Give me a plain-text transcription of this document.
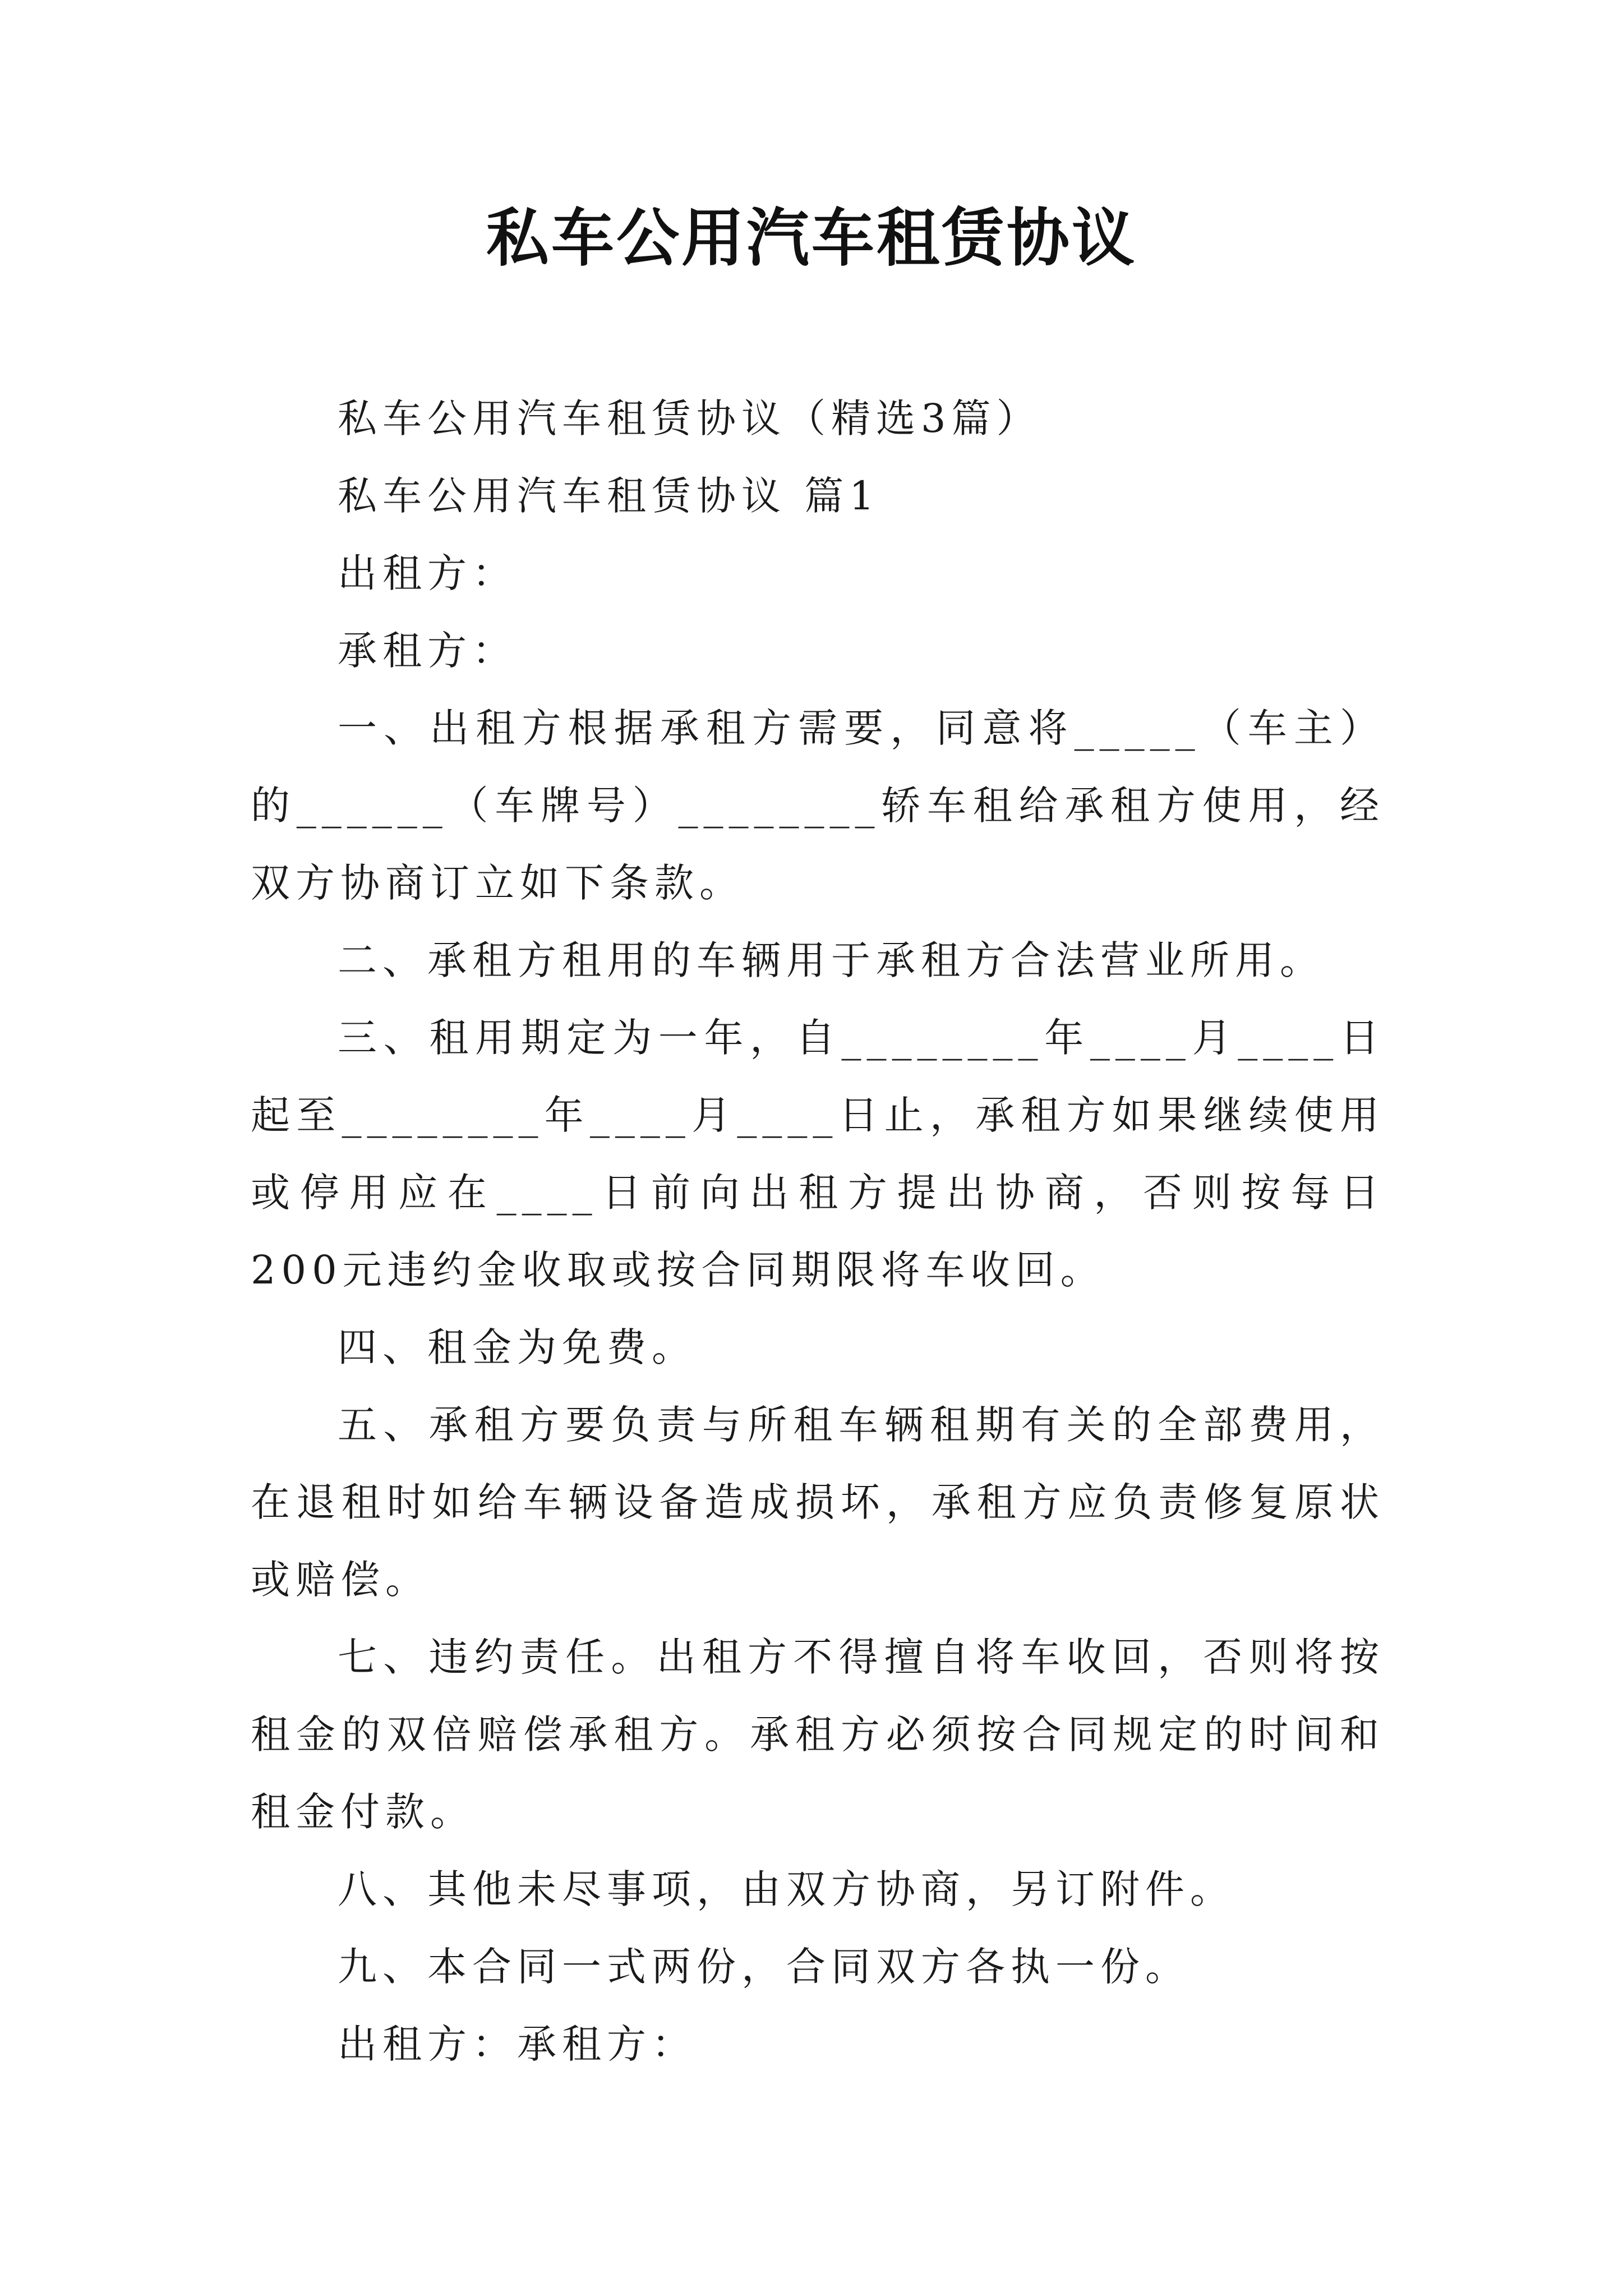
私车公用汽车租赁协议

私车公用汽车租赁协议（精选3篇）

私车公用汽车租赁协议 篇1

出租方：

承租方：

一、出租方根据承租方需要，同意将_____（车主）的______（车牌号）________轿车租给承租方使用，经双方协商订立如下条款。

二、承租方租用的车辆用于承租方合法营业所用。

三、租用期定为一年，自________年____月____日起至________年____月____日止，承租方如果继续使用或停用应在____日前向出租方提出协商，否则按每日200元违约金收取或按合同期限将车收回。

四、租金为免费。

五、承租方要负责与所租车辆租期有关的全部费用，在退租时如给车辆设备造成损坏，承租方应负责修复原状或赔偿。

七、违约责任。出租方不得擅自将车收回，否则将按租金的双倍赔偿承租方。承租方必须按合同规定的时间和租金付款。

八、其他未尽事项，由双方协商，另订附件。

九、本合同一式两份，合同双方各执一份。

出租方：承租方：
